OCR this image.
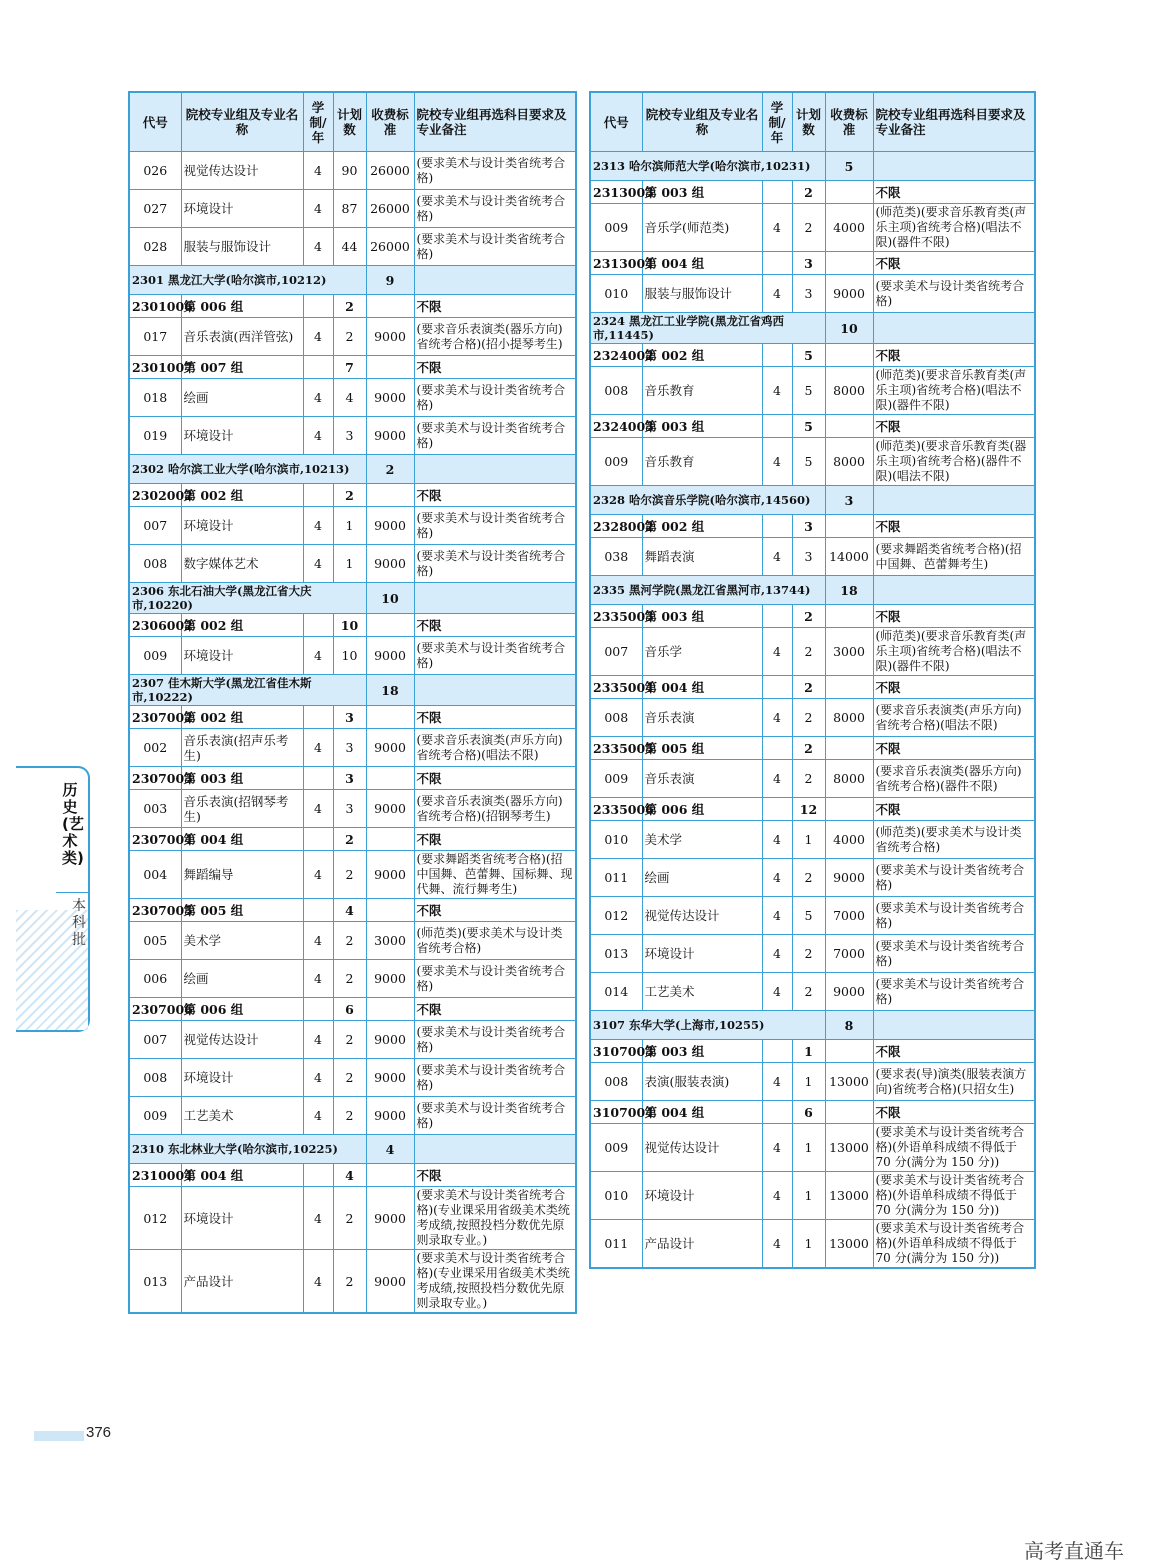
代号	院校专业组及专业名称	学制/年	计划数	收费标准	院校专业组再选科目要求及专业备注
026	视觉传达设计	4	90	26000	(要求美术与设计类省统考合格)
027	环境设计	4	87	26000	(要求美术与设计类省统考合格)
028	服装与服饰设计	4	44	26000	(要求美术与设计类省统考合格)
2301 黑龙江大学(哈尔滨市,10212)				9	
2301006	第 006 组		2		不限
017	音乐表演(西洋管弦)	4	2	9000	(要求音乐表演类(器乐方向)省统考合格)(招小提琴考生)
2301007	第 007 组		7		不限
018	绘画	4	4	9000	(要求美术与设计类省统考合格)
019	环境设计	4	3	9000	(要求美术与设计类省统考合格)
2302 哈尔滨工业大学(哈尔滨市,10213)				2	
2302002	第 002 组		2		不限
007	环境设计	4	1	9000	(要求美术与设计类省统考合格)
008	数字媒体艺术	4	1	9000	(要求美术与设计类省统考合格)
2306 东北石油大学(黑龙江省大庆市,10220)				10	
2306002	第 002 组		10		不限
009	环境设计	4	10	9000	(要求美术与设计类省统考合格)
2307 佳木斯大学(黑龙江省佳木斯市,10222)				18	
2307002	第 002 组		3		不限
002	音乐表演(招声乐考生)	4	3	9000	(要求音乐表演类(声乐方向)省统考合格)(唱法不限)
2307003	第 003 组		3		不限
003	音乐表演(招钢琴考生)	4	3	9000	(要求音乐表演类(器乐方向)省统考合格)(招钢琴考生)
2307004	第 004 组		2		不限
004	舞蹈编导	4	2	9000	(要求舞蹈类省统考合格)(招中国舞、芭蕾舞、国标舞、现代舞、流行舞考生)
2307005	第 005 组		4		不限
005	美术学	4	2	3000	(师范类)(要求美术与设计类省统考合格)
006	绘画	4	2	9000	(要求美术与设计类省统考合格)
2307006	第 006 组		6		不限
007	视觉传达设计	4	2	9000	(要求美术与设计类省统考合格)
008	环境设计	4	2	9000	(要求美术与设计类省统考合格)
009	工艺美术	4	2	9000	(要求美术与设计类省统考合格)
2310 东北林业大学(哈尔滨市,10225)				4	
2310004	第 004 组		4		不限
012	环境设计	4	2	9000	(要求美术与设计类省统考合格)(专业课采用省级美术类统考成绩,按照投档分数优先原则录取专业。)
013	产品设计	4	2	9000	(要求美术与设计类省统考合格)(专业课采用省级美术类统考成绩,按照投档分数优先原则录取专业。)
代号	院校专业组及专业名称	学制/年	计划数	收费标准	院校专业组再选科目要求及专业备注
2313 哈尔滨师范大学(哈尔滨市,10231)				5	
2313003	第 003 组		2		不限
009	音乐学(师范类)	4	2	4000	(师范类)(要求音乐教育类(声乐主项)省统考合格)(唱法不限)(器件不限)
2313004	第 004 组		3		不限
010	服装与服饰设计	4	3	9000	(要求美术与设计类省统考合格)
2324 黑龙江工业学院(黑龙江省鸡西市,11445)				10	
2324002	第 002 组		5		不限
008	音乐教育	4	5	8000	(师范类)(要求音乐教育类(声乐主项)省统考合格)(唱法不限)(器件不限)
2324003	第 003 组		5		不限
009	音乐教育	4	5	8000	(师范类)(要求音乐教育类(器乐主项)省统考合格)(器件不限)(唱法不限)
2328 哈尔滨音乐学院(哈尔滨市,14560)				3	
2328002	第 002 组		3		不限
038	舞蹈表演	4	3	14000	(要求舞蹈类省统考合格)(招中国舞、芭蕾舞考生)
2335 黑河学院(黑龙江省黑河市,13744)				18	
2335003	第 003 组		2		不限
007	音乐学	4	2	3000	(师范类)(要求音乐教育类(声乐主项)省统考合格)(唱法不限)(器件不限)
2335004	第 004 组		2		不限
008	音乐表演	4	2	8000	(要求音乐表演类(声乐方向)省统考合格)(唱法不限)
2335005	第 005 组		2		不限
009	音乐表演	4	2	8000	(要求音乐表演类(器乐方向)省统考合格)(器件不限)
2335006	第 006 组		12		不限
010	美术学	4	1	4000	(师范类)(要求美术与设计类省统考合格)
011	绘画	4	2	9000	(要求美术与设计类省统考合格)
012	视觉传达设计	4	5	7000	(要求美术与设计类省统考合格)
013	环境设计	4	2	7000	(要求美术与设计类省统考合格)
014	工艺美术	4	2	9000	(要求美术与设计类省统考合格)
3107 东华大学(上海市,10255)				8	
3107003	第 003 组		1		不限
008	表演(服装表演)	4	1	13000	(要求表(导)演类(服装表演方向)省统考合格)(只招女生)
3107004	第 004 组		6		不限
009	视觉传达设计	4	1	13000	(要求美术与设计类省统考合格)(外语单科成绩不得低于 70 分(满分为 150 分))
010	环境设计	4	1	13000	(要求美术与设计类省统考合格)(外语单科成绩不得低于 70 分(满分为 150 分))
011	产品设计	4	1	13000	(要求美术与设计类省统考合格)(外语单科成绩不得低于 70 分(满分为 150 分))
历史(艺术类)
本科批
376
高考直通车
